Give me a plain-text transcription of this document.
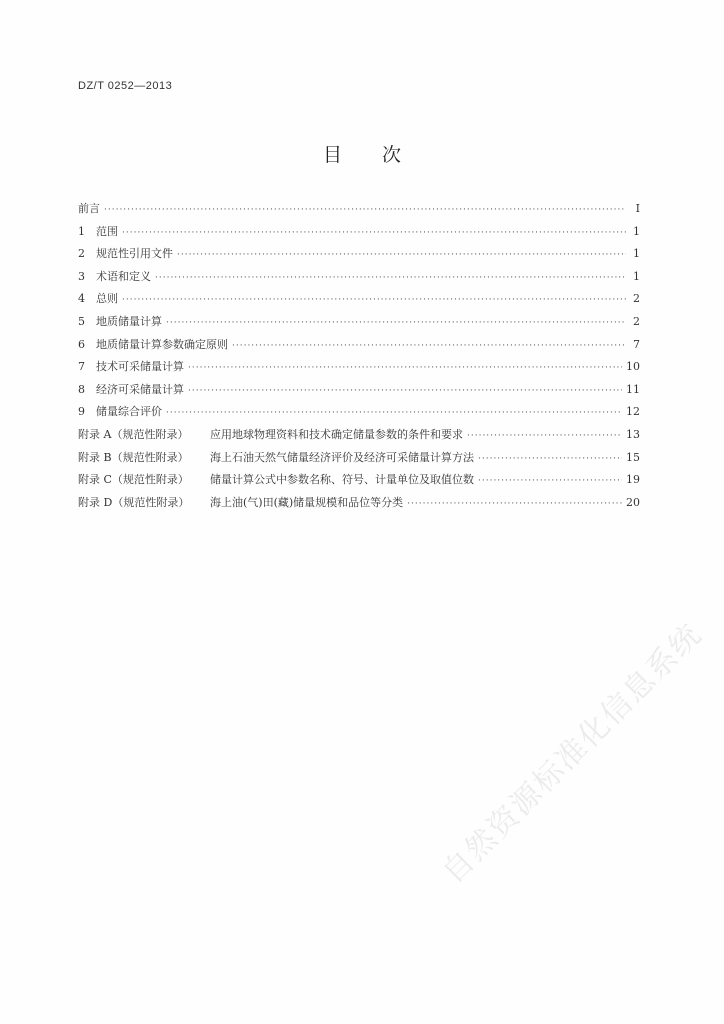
DZ/T 0252—2013
目次
前言 ·····	I
1 范围 ·····	1
2 规范性引用文件 ·····	1
3 术语和定义 ·····	1
4 总则 ·····	2
5 地质储量计算 ·····	2
6 地质储量计算参数确定原则 ·····	7
7 技术可采储量计算 ·····	10
8 经济可采储量计算 ·····	11
9 储量综合评价 ·····	12
附录 A（规范性附录） 应用地球物理资料和技术确定储量参数的条件和要求 ·····	13
附录 B（规范性附录） 海上石油天然气储量经济评价及经济可采储量计算方法 ·····	15
附录 C（规范性附录） 储量计算公式中参数名称、符号、计量单位及取值位数 ·····	19
附录 D（规范性附录） 海上油(气)田(藏)储量规模和品位等分类 ·····	20
自然资源标准化信息系统
